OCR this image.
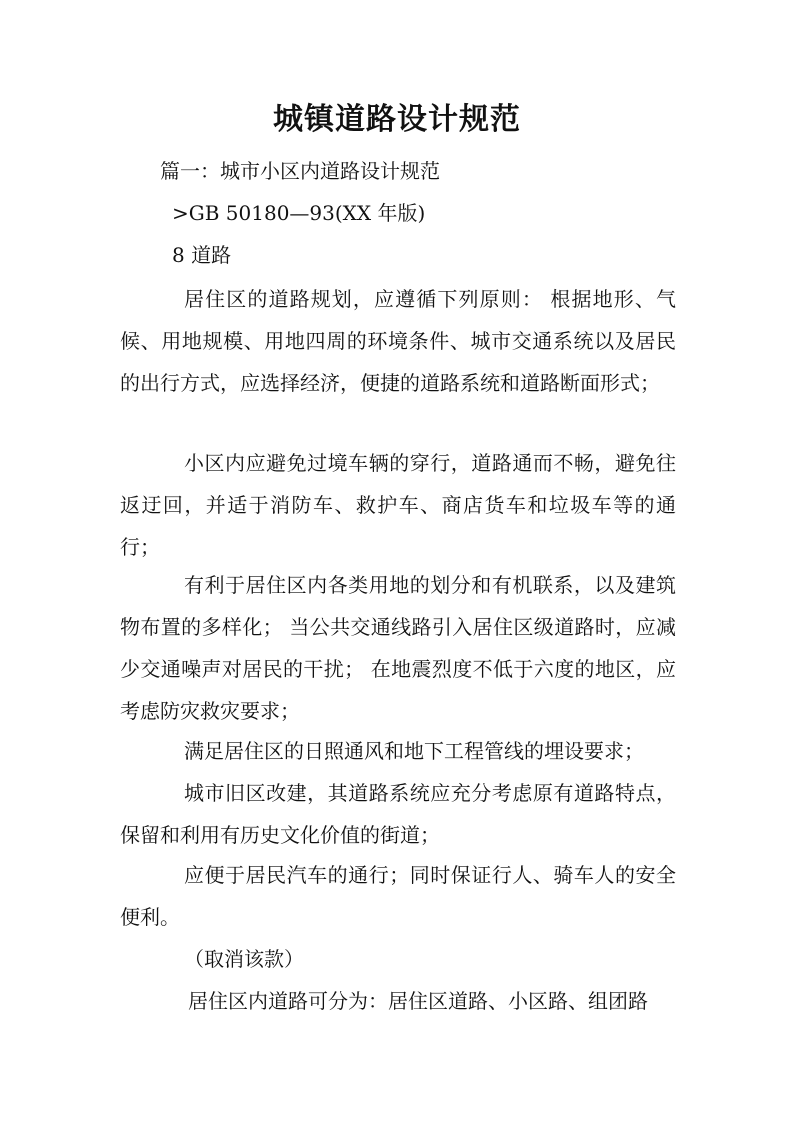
城镇道路设计规范
篇一：城市小区内道路设计规范
>GB 50180—93(XX 年版)
8 道路
居住区的道路规划，应遵循下列原则： 根据地形、气候、用地规模、用地四周的环境条件、城市交通系统以及居民的出行方式，应选择经济，便捷的道路系统和道路断面形式；
小区内应避免过境车辆的穿行，道路通而不畅，避免往返迂回，并适于消防车、救护车、商店货车和垃圾车等的通行；
有利于居住区内各类用地的划分和有机联系，以及建筑物布置的多样化； 当公共交通线路引入居住区级道路时，应减少交通噪声对居民的干扰； 在地震烈度不低于六度的地区，应考虑防灾救灾要求；
满足居住区的日照通风和地下工程管线的埋设要求；
城市旧区改建，其道路系统应充分考虑原有道路特点，保留和利用有历史文化价值的街道；
应便于居民汽车的通行；同时保证行人、骑车人的安全便利。
（取消该款）
居住区内道路可分为：居住区道路、小区路、组团路
